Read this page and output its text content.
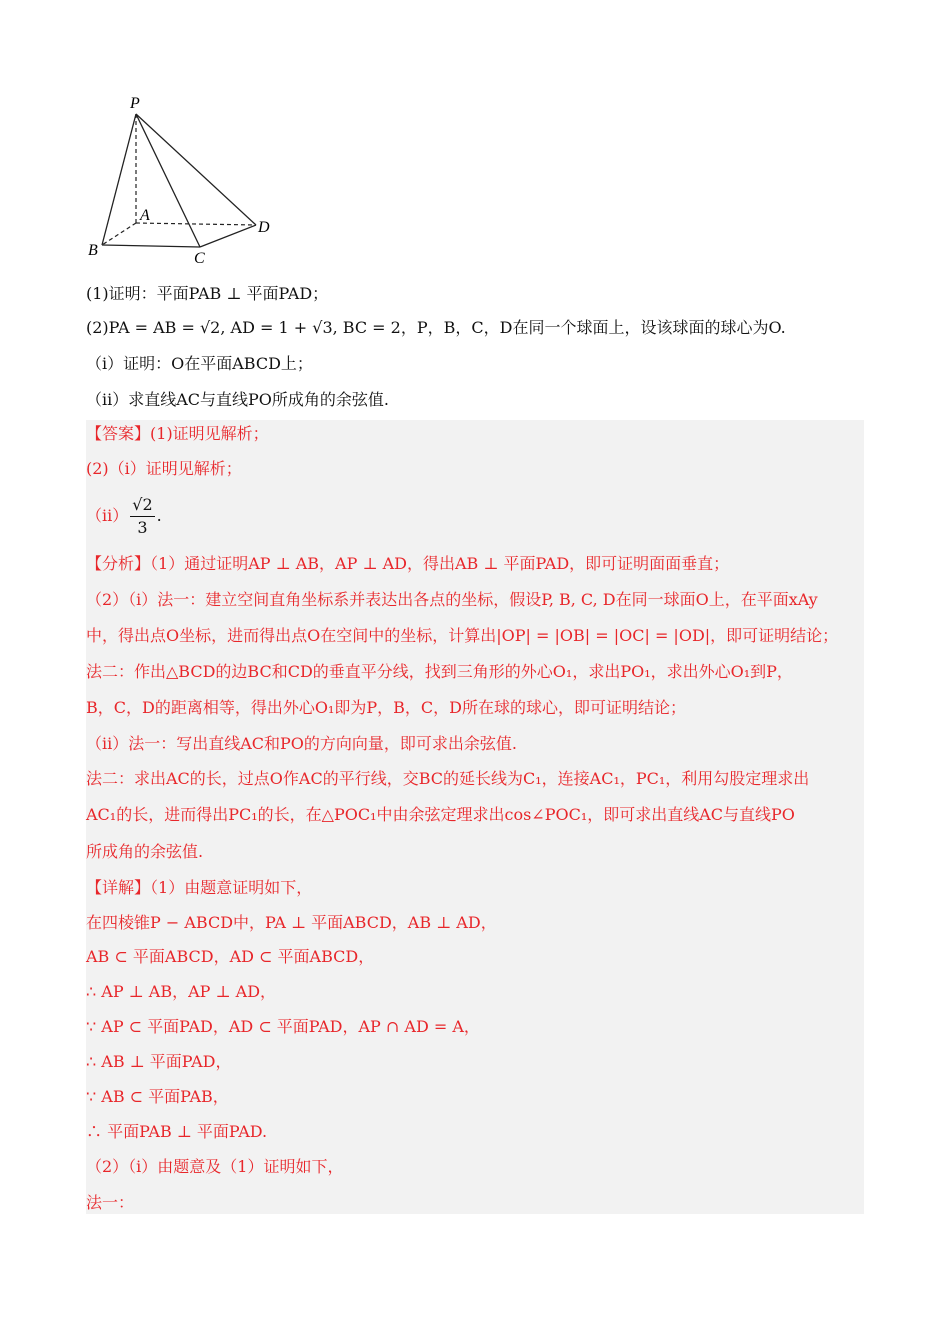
P
A
B	C
D
(1)证明：平面PAB ⊥ 平面PAD；
(2)PA = AB = √2, AD = 1 + √3, BC = 2，P，B，C，D在同一个球面上，设该球面的球心为O.
（i）证明：O在平面ABCD上；
（ii）求直线AC与直线PO所成角的余弦值.
【答案】(1)证明见解析；
(2)（i）证明见解析；
$(ii) \frac{√2}{3}$ .
【分析】（1）通过证明AP ⊥ AB，AP ⊥ AD，得出AB ⊥ 平面PAD，即可证明面面垂直；
（2）（i）法一：建立空间直角坐标系并表达出各点的坐标，假设P, B, C, D在同一球面O上，在平面xAy
中，得出点O坐标，进而得出点O在空间中的坐标，计算出|OP| = |OB| = |OC| = |OD|，即可证明结论；
法二：作出△BCD的边BC和CD的垂直平分线，找到三角形的外心O₁，求出PO₁，求出外心O₁到P，
B，C，D的距离相等，得出外心O₁即为P，B，C，D所在球的球心，即可证明结论；
（ii）法一：写出直线AC和PO的方向向量，即可求出余弦值.
法二：求出AC的长，过点O作AC的平行线，交BC的延长线为C₁，连接AC₁，PC₁，利用勾股定理求出
AC₁的长，进而得出PC₁的长，在△POC₁中由余弦定理求出cos∠POC₁，即可求出直线AC与直线PO
所成角的余弦值.
【详解】（1）由题意证明如下，
在四棱锥P − ABCD中，PA ⊥ 平面ABCD，AB ⊥ AD，
AB ⊂ 平面ABCD，AD ⊂ 平面ABCD，
∴ AP ⊥ AB，AP ⊥ AD，
∵ AP ⊂ 平面PAD，AD ⊂ 平面PAD，AP ∩ AD = A，
∴ AB ⊥ 平面PAD，
∵ AB ⊂ 平面PAB，
∴ 平面PAB ⊥ 平面PAD.
（2）（i）由题意及（1）证明如下，
法一：
